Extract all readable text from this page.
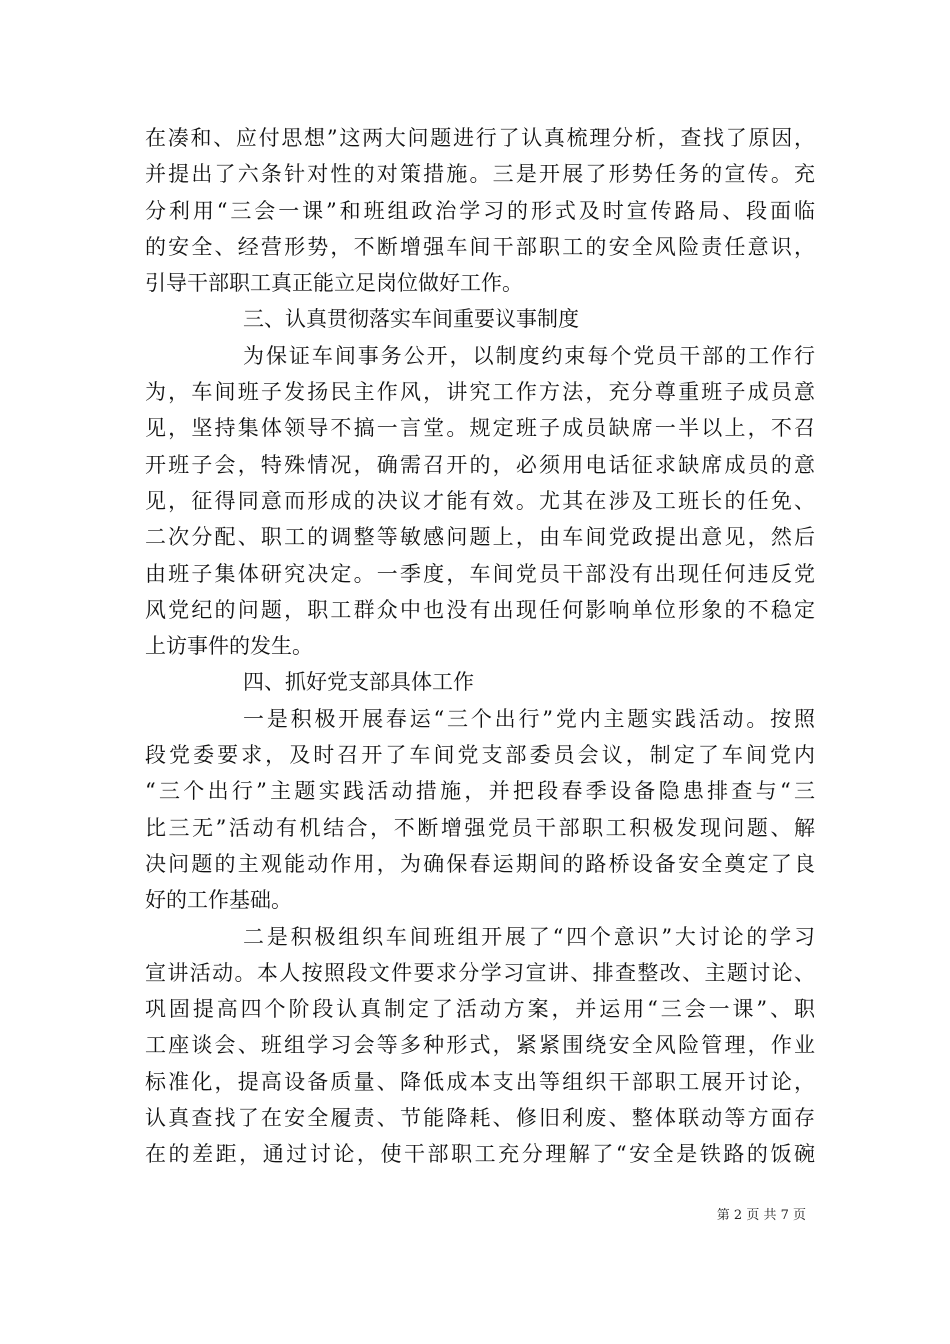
在凑和、应付思想”这两大问题进行了认真梳理分析，查找了原因，
并提出了六条针对性的对策措施。三是开展了形势任务的宣传。充
分利用“三会一课”和班组政治学习的形式及时宣传路局、段面临
的安全、经营形势，不断增强车间干部职工的安全风险责任意识，
引导干部职工真正能立足岗位做好工作。
三、认真贯彻落实车间重要议事制度
为保证车间事务公开，以制度约束每个党员干部的工作行
为，车间班子发扬民主作风，讲究工作方法，充分尊重班子成员意
见，坚持集体领导不搞一言堂。规定班子成员缺席一半以上，不召
开班子会，特殊情况，确需召开的，必须用电话征求缺席成员的意
见，征得同意而形成的决议才能有效。尤其在涉及工班长的任免、
二次分配、职工的调整等敏感问题上，由车间党政提出意见，然后
由班子集体研究决定。一季度，车间党员干部没有出现任何违反党
风党纪的问题，职工群众中也没有出现任何影响单位形象的不稳定
上访事件的发生。
四、抓好党支部具体工作
一是积极开展春运“三个出行”党内主题实践活动。按照
段党委要求，及时召开了车间党支部委员会议，制定了车间党内
“三个出行”主题实践活动措施，并把段春季设备隐患排查与“三
比三无”活动有机结合，不断增强党员干部职工积极发现问题、解
决问题的主观能动作用，为确保春运期间的路桥设备安全奠定了良
好的工作基础。
二是积极组织车间班组开展了“四个意识”大讨论的学习
宣讲活动。本人按照段文件要求分学习宣讲、排查整改、主题讨论、
巩固提高四个阶段认真制定了活动方案，并运用“三会一课”、职
工座谈会、班组学习会等多种形式，紧紧围绕安全风险管理，作业
标准化，提高设备质量、降低成本支出等组织干部职工展开讨论，
认真查找了在安全履责、节能降耗、修旧利废、整体联动等方面存
在的差距，通过讨论，使干部职工充分理解了“安全是铁路的饭碗
第 2 页 共 7 页
